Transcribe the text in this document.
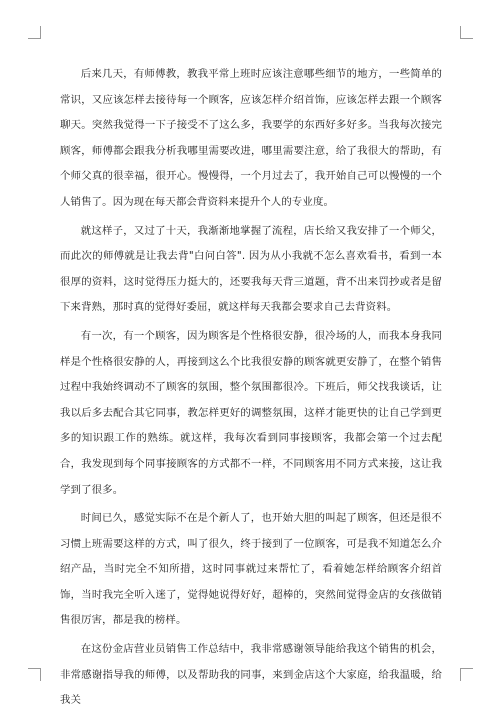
后来几天，有师傅教，教我平常上班时应该注意哪些细节的地方，一些简单的常识，又应该怎样去接待每一个顾客，应该怎样介绍首饰，应该怎样去跟一个顾客聊天。突然我觉得一下子接受不了这么多，我要学的东西好多好多。当我每次接完顾客，师傅都会跟我分析我哪里需要改进，哪里需要注意，给了我很大的帮助，有个师父真的很幸福，很开心。慢慢得，一个月过去了，我开始自己可以慢慢的一个人销售了。因为现在每天都会背资料来提升个人的专业度。

就这样子，又过了十天，我渐渐地掌握了流程，店长给又我安排了一个师父，而此次的师傅就是让我去背"白问白答". 因为从小我就不怎么喜欢看书，看到一本很厚的资料，这时觉得压力挺大的，还要我每天背三道题，背不出来罚抄或者是留下来背熟，那时真的觉得好委屈，就这样每天我都会要求自己去背资料。

有一次，有一个顾客，因为顾客是个性格很安静，很冷场的人，而我本身我同样是个性格很安静的人，再接到这么个比我很安静的顾客就更安静了，在整个销售过程中我始终调动不了顾客的氛围，整个氛围都很冷。下班后，师父找我谈话，让我以后多去配合其它同事，教怎样更好的调整氛围，这样才能更快的让自己学到更多的知识跟工作的熟练。就这样，我每次看到同事接顾客，我都会第一个过去配合，我发现到每个同事接顾客的方式都不一样，不同顾客用不同方式来接，这让我学到了很多。

时间已久，感觉实际不在是个新人了，也开始大胆的叫起了顾客，但还是很不习惯上班需要这样的方式，叫了很久，终于接到了一位顾客，可是我不知道怎么介绍产品，当时完全不知所措，这时同事就过来帮忙了，看着她怎样给顾客介绍首饰，当时我完全听入迷了，觉得她说得好好，超棒的，突然间觉得金店的女孩做销售很厉害，都是我的榜样。

在这份金店营业员销售工作总结中，我非常感谢领导能给我这个销售的机会，非常感谢指导我的师傅，以及帮助我的同事，来到金店这个大家庭，给我温暖，给我关
